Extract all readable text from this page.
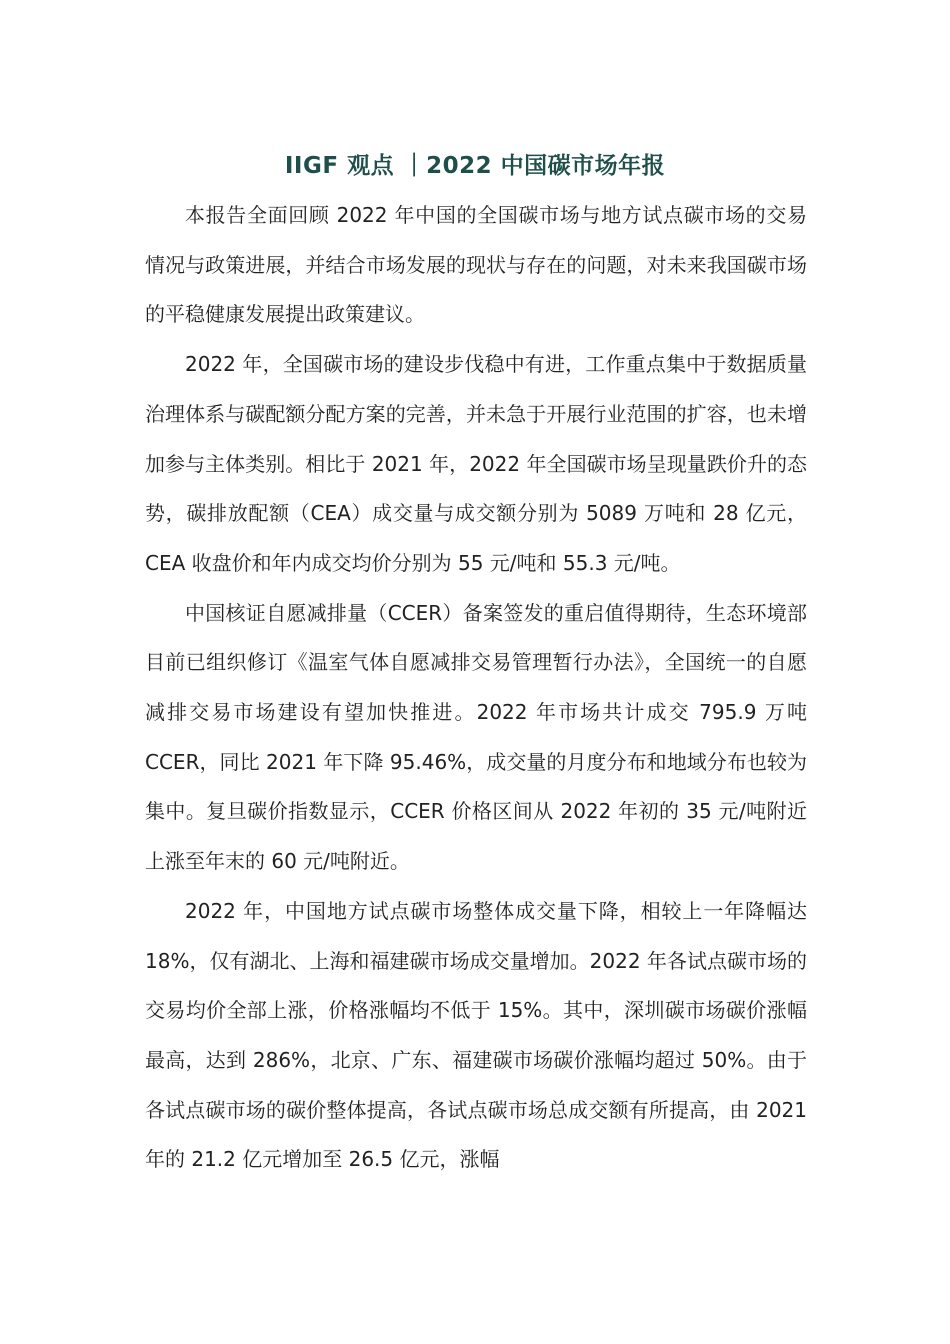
IIGF 观点 ｜2022 中国碳市场年报

本报告全面回顾 2022 年中国的全国碳市场与地方试点碳市场的交易情况与政策进展，并结合市场发展的现状与存在的问题，对未来我国碳市场的平稳健康发展提出政策建议。

2022 年，全国碳市场的建设步伐稳中有进，工作重点集中于数据质量治理体系与碳配额分配方案的完善，并未急于开展行业范围的扩容，也未增加参与主体类别。相比于 2021 年，2022 年全国碳市场呈现量跌价升的态势，碳排放配额（CEA）成交量与成交额分别为 5089 万吨和 28 亿元，CEA 收盘价和年内成交均价分别为 55 元/吨和 55.3 元/吨。

中国核证自愿减排量（CCER）备案签发的重启值得期待，生态环境部目前已组织修订《温室气体自愿减排交易管理暂行办法》，全国统一的自愿减排交易市场建设有望加快推进。2022 年市场共计成交 795.9 万吨 CCER，同比 2021 年下降 95.46%，成交量的月度分布和地域分布也较为集中。复旦碳价指数显示，CCER 价格区间从 2022 年初的 35 元/吨附近上涨至年末的 60 元/吨附近。

2022 年，中国地方试点碳市场整体成交量下降，相较上一年降幅达 18%，仅有湖北、上海和福建碳市场成交量增加。2022 年各试点碳市场的交易均价全部上涨，价格涨幅均不低于 15%。其中，深圳碳市场碳价涨幅最高，达到 286%，北京、广东、福建碳市场碳价涨幅均超过 50%。由于各试点碳市场的碳价整体提高，各试点碳市场总成交额有所提高，由 2021 年的 21.2 亿元增加至 26.5 亿元，涨幅
